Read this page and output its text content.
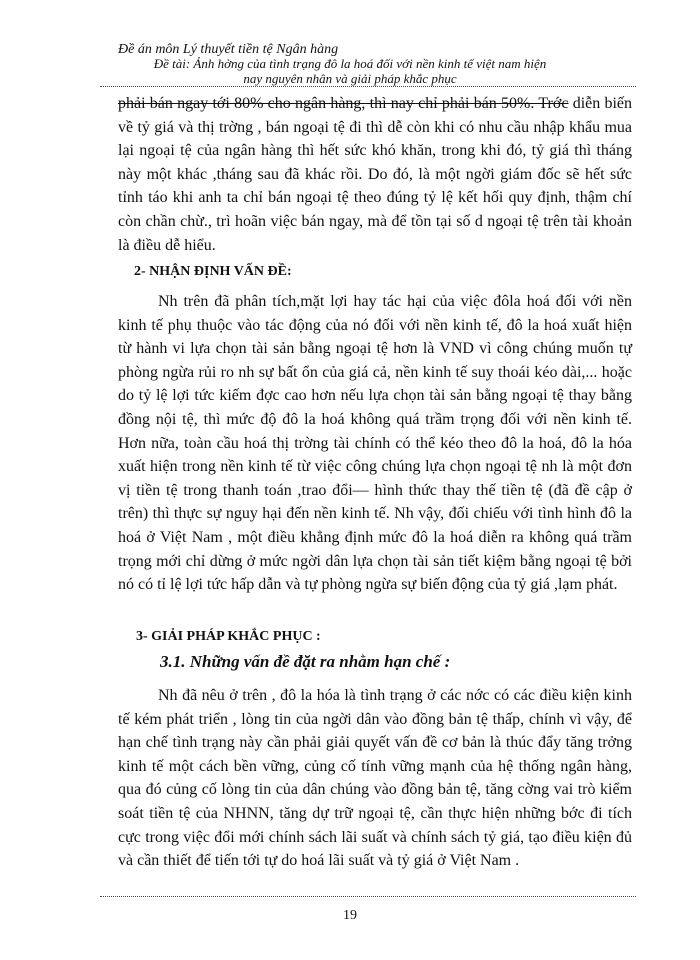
Đề án môn Lý thuyết tiền tệ Ngân hàng
Đề tài: Ảnh hởng của tình trạng đô la hoá đối với nền kinh tế việt nam hiện
nay nguyên nhân và giải pháp khắc phục
phải bán ngay tới 80% cho ngân hàng, thì nay chỉ phải bán 50%. Trớc diễn biến về tỷ giá và thị trờng , bán ngoại tệ đi thì dễ còn khi có nhu cầu nhập khẩu mua lại ngoại tệ của ngân hàng thì hết sức khó khăn, trong khi đó, tỷ giá thì tháng này một khác ,tháng sau đã khác rồi. Do đó, là một ngời giám đốc sẽ hết sức tỉnh táo khi anh ta chỉ bán ngoại tệ theo đúng tỷ lệ kết hối quy định, thậm chí còn chần chừ., trì hoãn việc bán ngay, mà để tồn tại số d ngoại tệ trên tài khoản là điều dễ hiểu.
2- NHẬN ĐỊNH VẤN ĐỀ:
Nh trên đã phân tích,mặt lợi hay tác hại của việc đôla hoá đối với nền kinh tế phụ thuộc vào tác động của nó đối với nền kinh tế, đô la hoá xuất hiện từ hành vi lựa chọn tài sản bằng ngoại tệ hơn là VND vì công chúng muốn tự phòng ngừa rủi ro nh sự bất ổn của giá cả, nền kinh tế suy thoái kéo dài,... hoặc do tỷ lệ lợi tức kiếm đợc cao hơn nếu lựa chọn tài sản bằng ngoại tệ thay bằng đồng nội tệ, thì mức độ đô la hoá không quá trầm trọng đối với nền kinh tế. Hơn nữa, toàn cầu hoá thị trờng tài chính có thể kéo theo đô la hoá, đô la hóa xuất hiện trong nền kinh tế từ việc công chúng lựa chọn ngoại tệ nh là một đơn vị tiền tệ trong thanh toán ,trao đổi— hình thức thay thế tiền tệ (đã đề cập ở trên) thì thực sự nguy hại đến nền kinh tế. Nh vậy, đối chiếu với tình hình đô la hoá ở Việt Nam , một điều khẳng định mức đô la hoá diễn ra không quá trầm trọng mới chỉ dừng ở mức ngời dân lựa chọn tài sản tiết kiệm bằng ngoại tệ bởi nó có tỉ lệ lợi tức hấp dẫn và tự phòng ngừa sự biến động của tỷ giá ,lạm phát.
3- GIẢI PHÁP KHẮC PHỤC :
3.1. Những vấn đề đặt ra nhằm hạn chế :
Nh đã nêu ở trên , đô la hóa là tình trạng ở các nớc có các điều kiện kinh tế kém phát triển , lòng tin của ngời dân vào đồng bản tệ thấp, chính vì vậy, để hạn chế tình trạng này cần phải giải quyết vấn đề cơ bản là thúc đẩy tăng trởng kinh tế một cách bền vững, củng cố tính vững mạnh của hệ thống ngân hàng, qua đó củng cố lòng tin của dân chúng vào đồng bản tệ, tăng cờng vai trò kiểm soát tiền tệ của NHNN, tăng dự trữ ngoại tệ, cần thực hiện những bớc đi tích cực trong việc đổi mới chính sách lãi suất và chính sách tỷ giá, tạo điều kiện đủ và cần thiết để tiến tới tự do hoá lãi suất và tỷ giá ở Việt Nam .
19
